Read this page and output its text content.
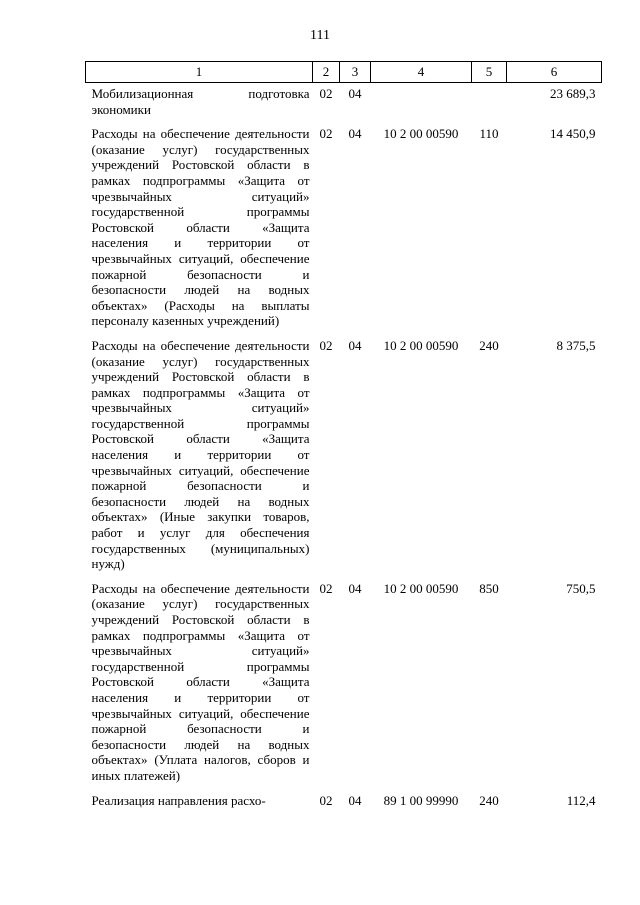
111
1	2	3	4	5	6
Мобилизационная подготовка экономики	02	04			23 689,3
Расходы на обеспечение деятельности (оказание услуг) государственных учреждений Ростовской области в рамках подпрограммы «Защита от чрезвычайных ситуаций» государственной программы Ростовской области «Защита населения и территории от чрезвычайных ситуаций, обеспечение пожарной безопасности и безопасности людей на водных объектах» (Расходы на выплаты персоналу казенных учреждений)	02	04	10 2 00 00590	110	14 450,9
Расходы на обеспечение деятельности (оказание услуг) государственных учреждений Ростовской области в рамках подпрограммы «Защита от чрезвычайных ситуаций» государственной программы Ростовской области «Защита населения и территории от чрезвычайных ситуаций, обеспечение пожарной безопасности и безопасности людей на водных объектах» (Иные закупки товаров, работ и услуг для обеспечения государственных (муниципальных) нужд)	02	04	10 2 00 00590	240	8 375,5
Расходы на обеспечение деятельности (оказание услуг) государственных учреждений Ростовской области в рамках подпрограммы «Защита от чрезвычайных ситуаций» государственной программы Ростовской области «Защита населения и территории от чрезвычайных ситуаций, обеспечение пожарной безопасности и безопасности людей на водных объектах» (Уплата налогов, сборов и иных платежей)	02	04	10 2 00 00590	850	750,5
Реализация направления расхо-	02	04	89 1 00 99990	240	112,4
